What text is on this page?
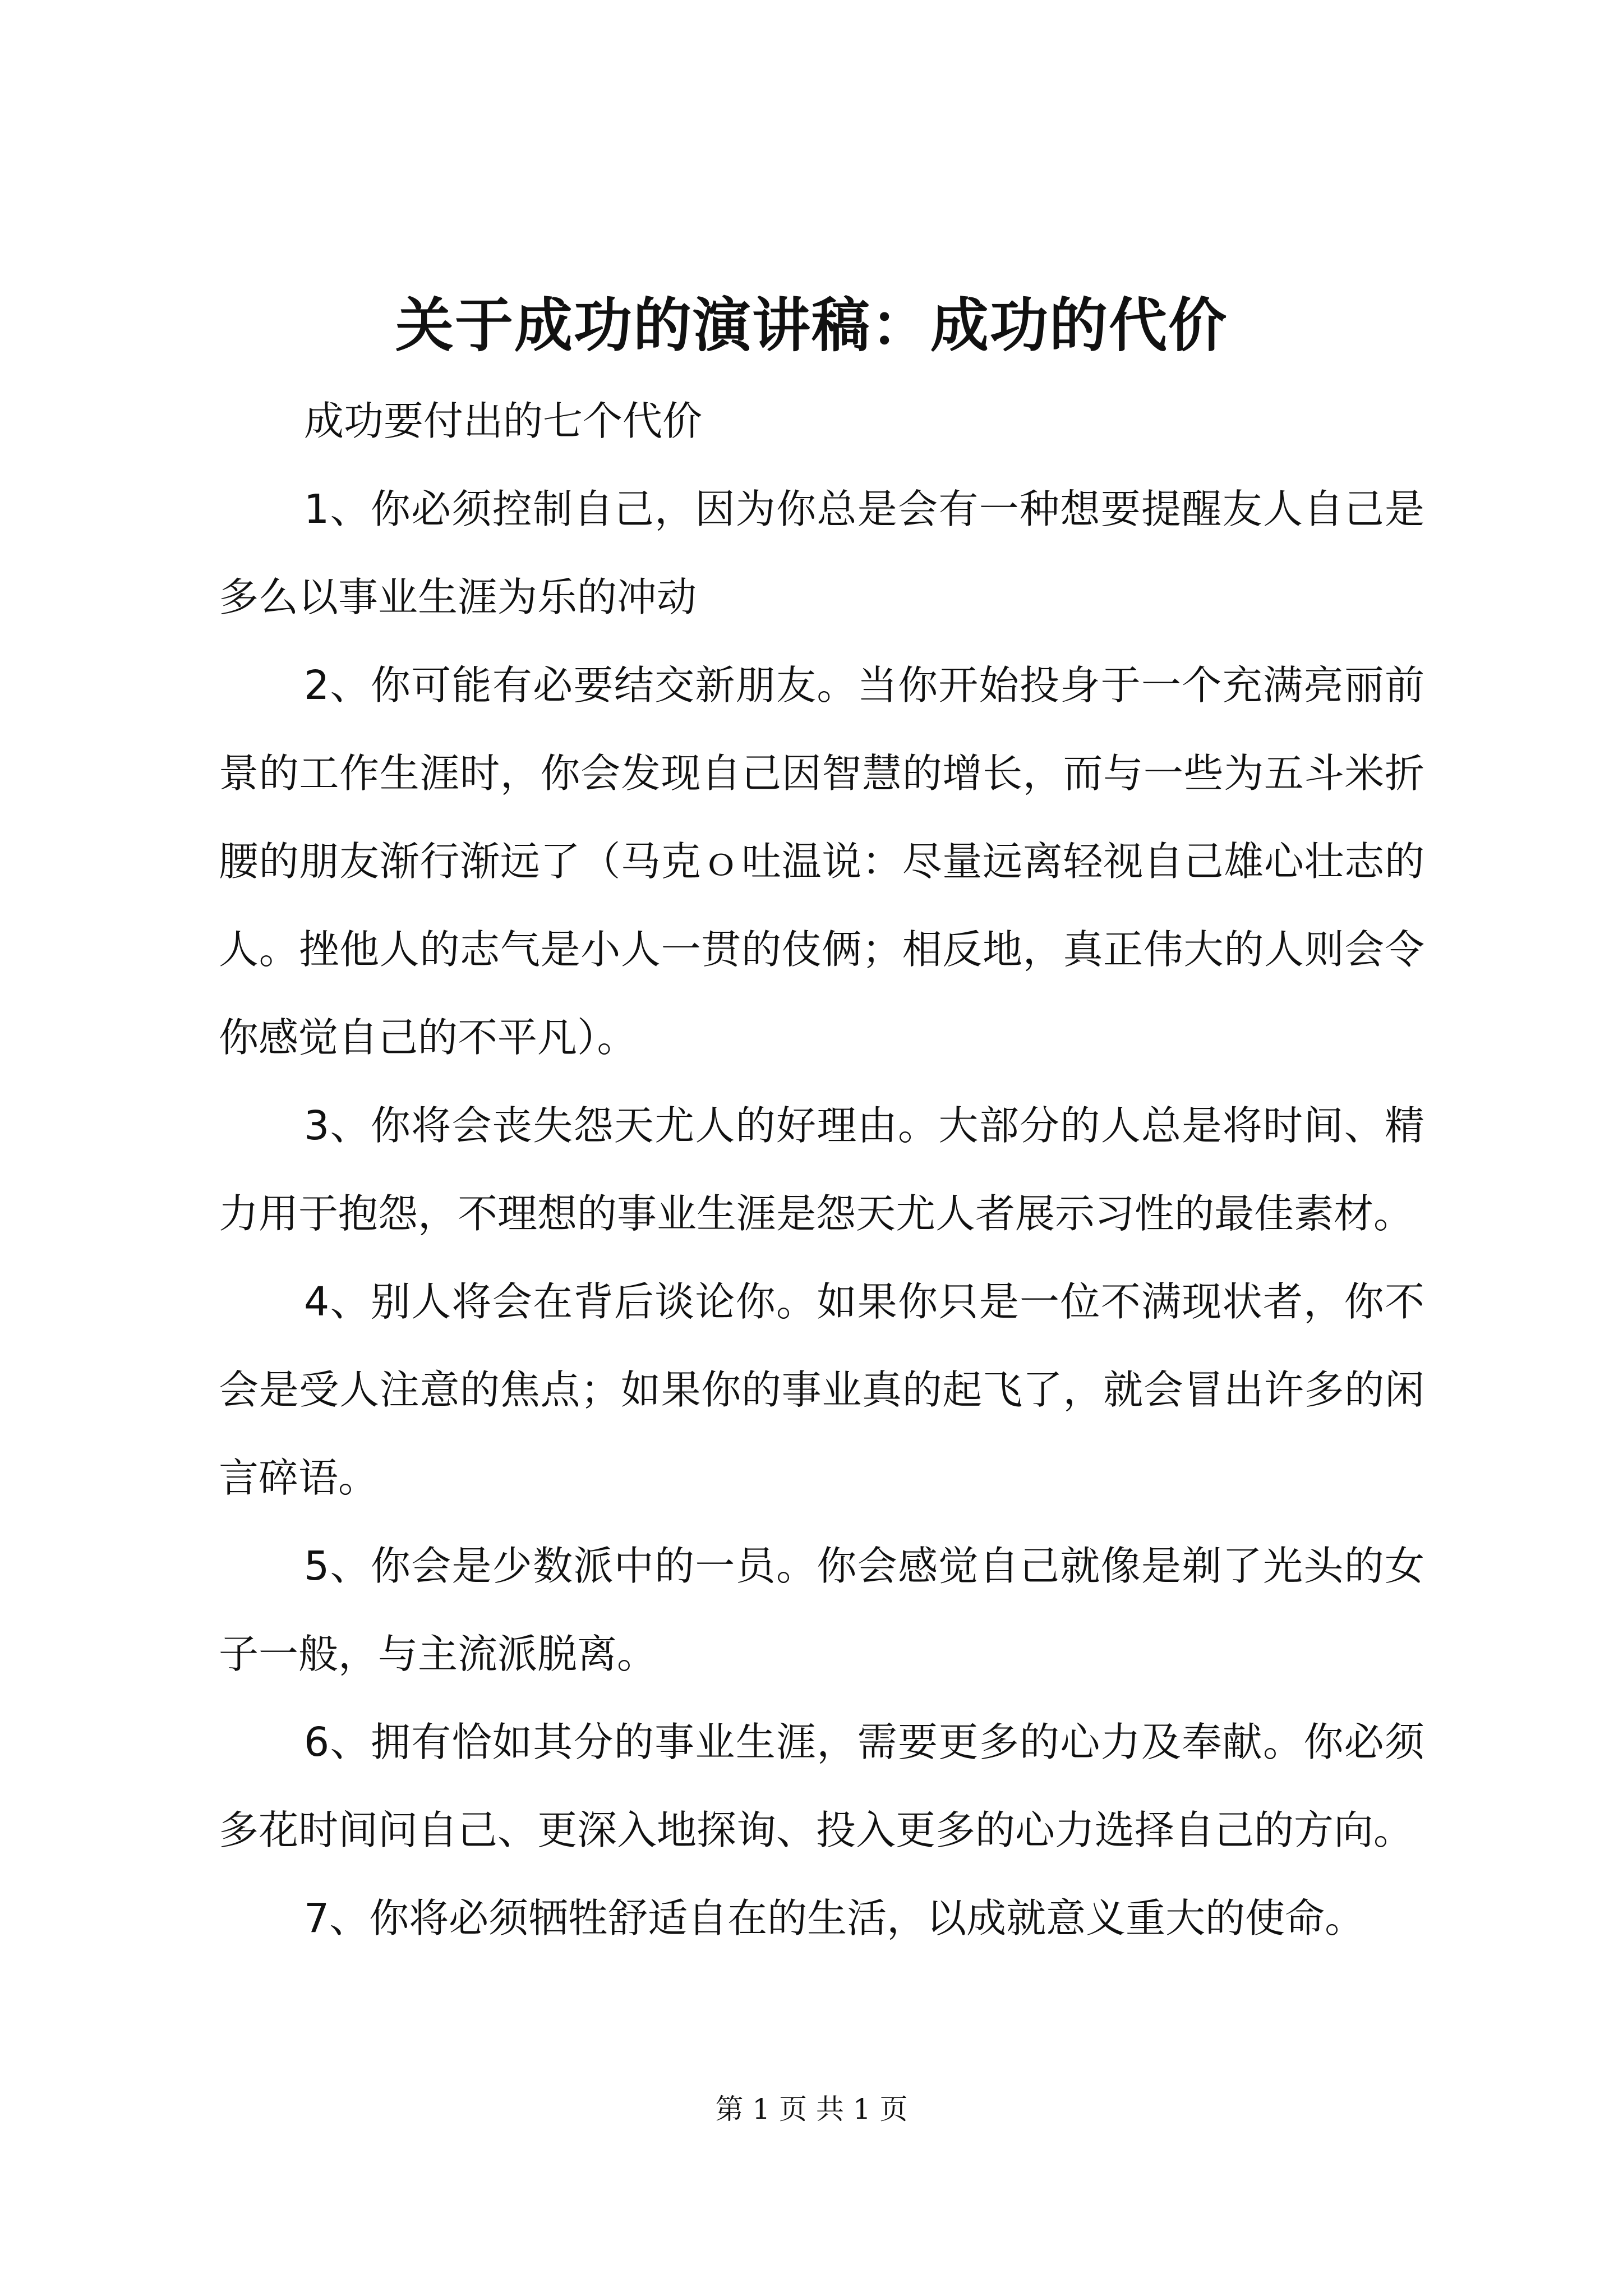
关于成功的演讲稿：成功的代价

成功要付出的七个代价

1、你必须控制自己，因为你总是会有一种想要提醒友人自己是多么以事业生涯为乐的冲动

2、你可能有必要结交新朋友。当你开始投身于一个充满亮丽前景的工作生涯时，你会发现自己因智慧的增长，而与一些为五斗米折腰的朋友渐行渐远了（马克ｏ吐温说：尽量远离轻视自己雄心壮志的人。挫他人的志气是小人一贯的伎俩；相反地，真正伟大的人则会令你感觉自己的不平凡）。

3、你将会丧失怨天尤人的好理由。大部分的人总是将时间、精力用于抱怨，不理想的事业生涯是怨天尤人者展示习性的最佳素材。

4、别人将会在背后谈论你。如果你只是一位不满现状者，你不会是受人注意的焦点；如果你的事业真的起飞了，就会冒出许多的闲言碎语。

5、你会是少数派中的一员。你会感觉自己就像是剃了光头的女子一般，与主流派脱离。

6、拥有恰如其分的事业生涯，需要更多的心力及奉献。你必须多花时间问自己、更深入地探询、投入更多的心力选择自己的方向。

7、你将必须牺牲舒适自在的生活，以成就意义重大的使命。

第 1 页 共 1 页
